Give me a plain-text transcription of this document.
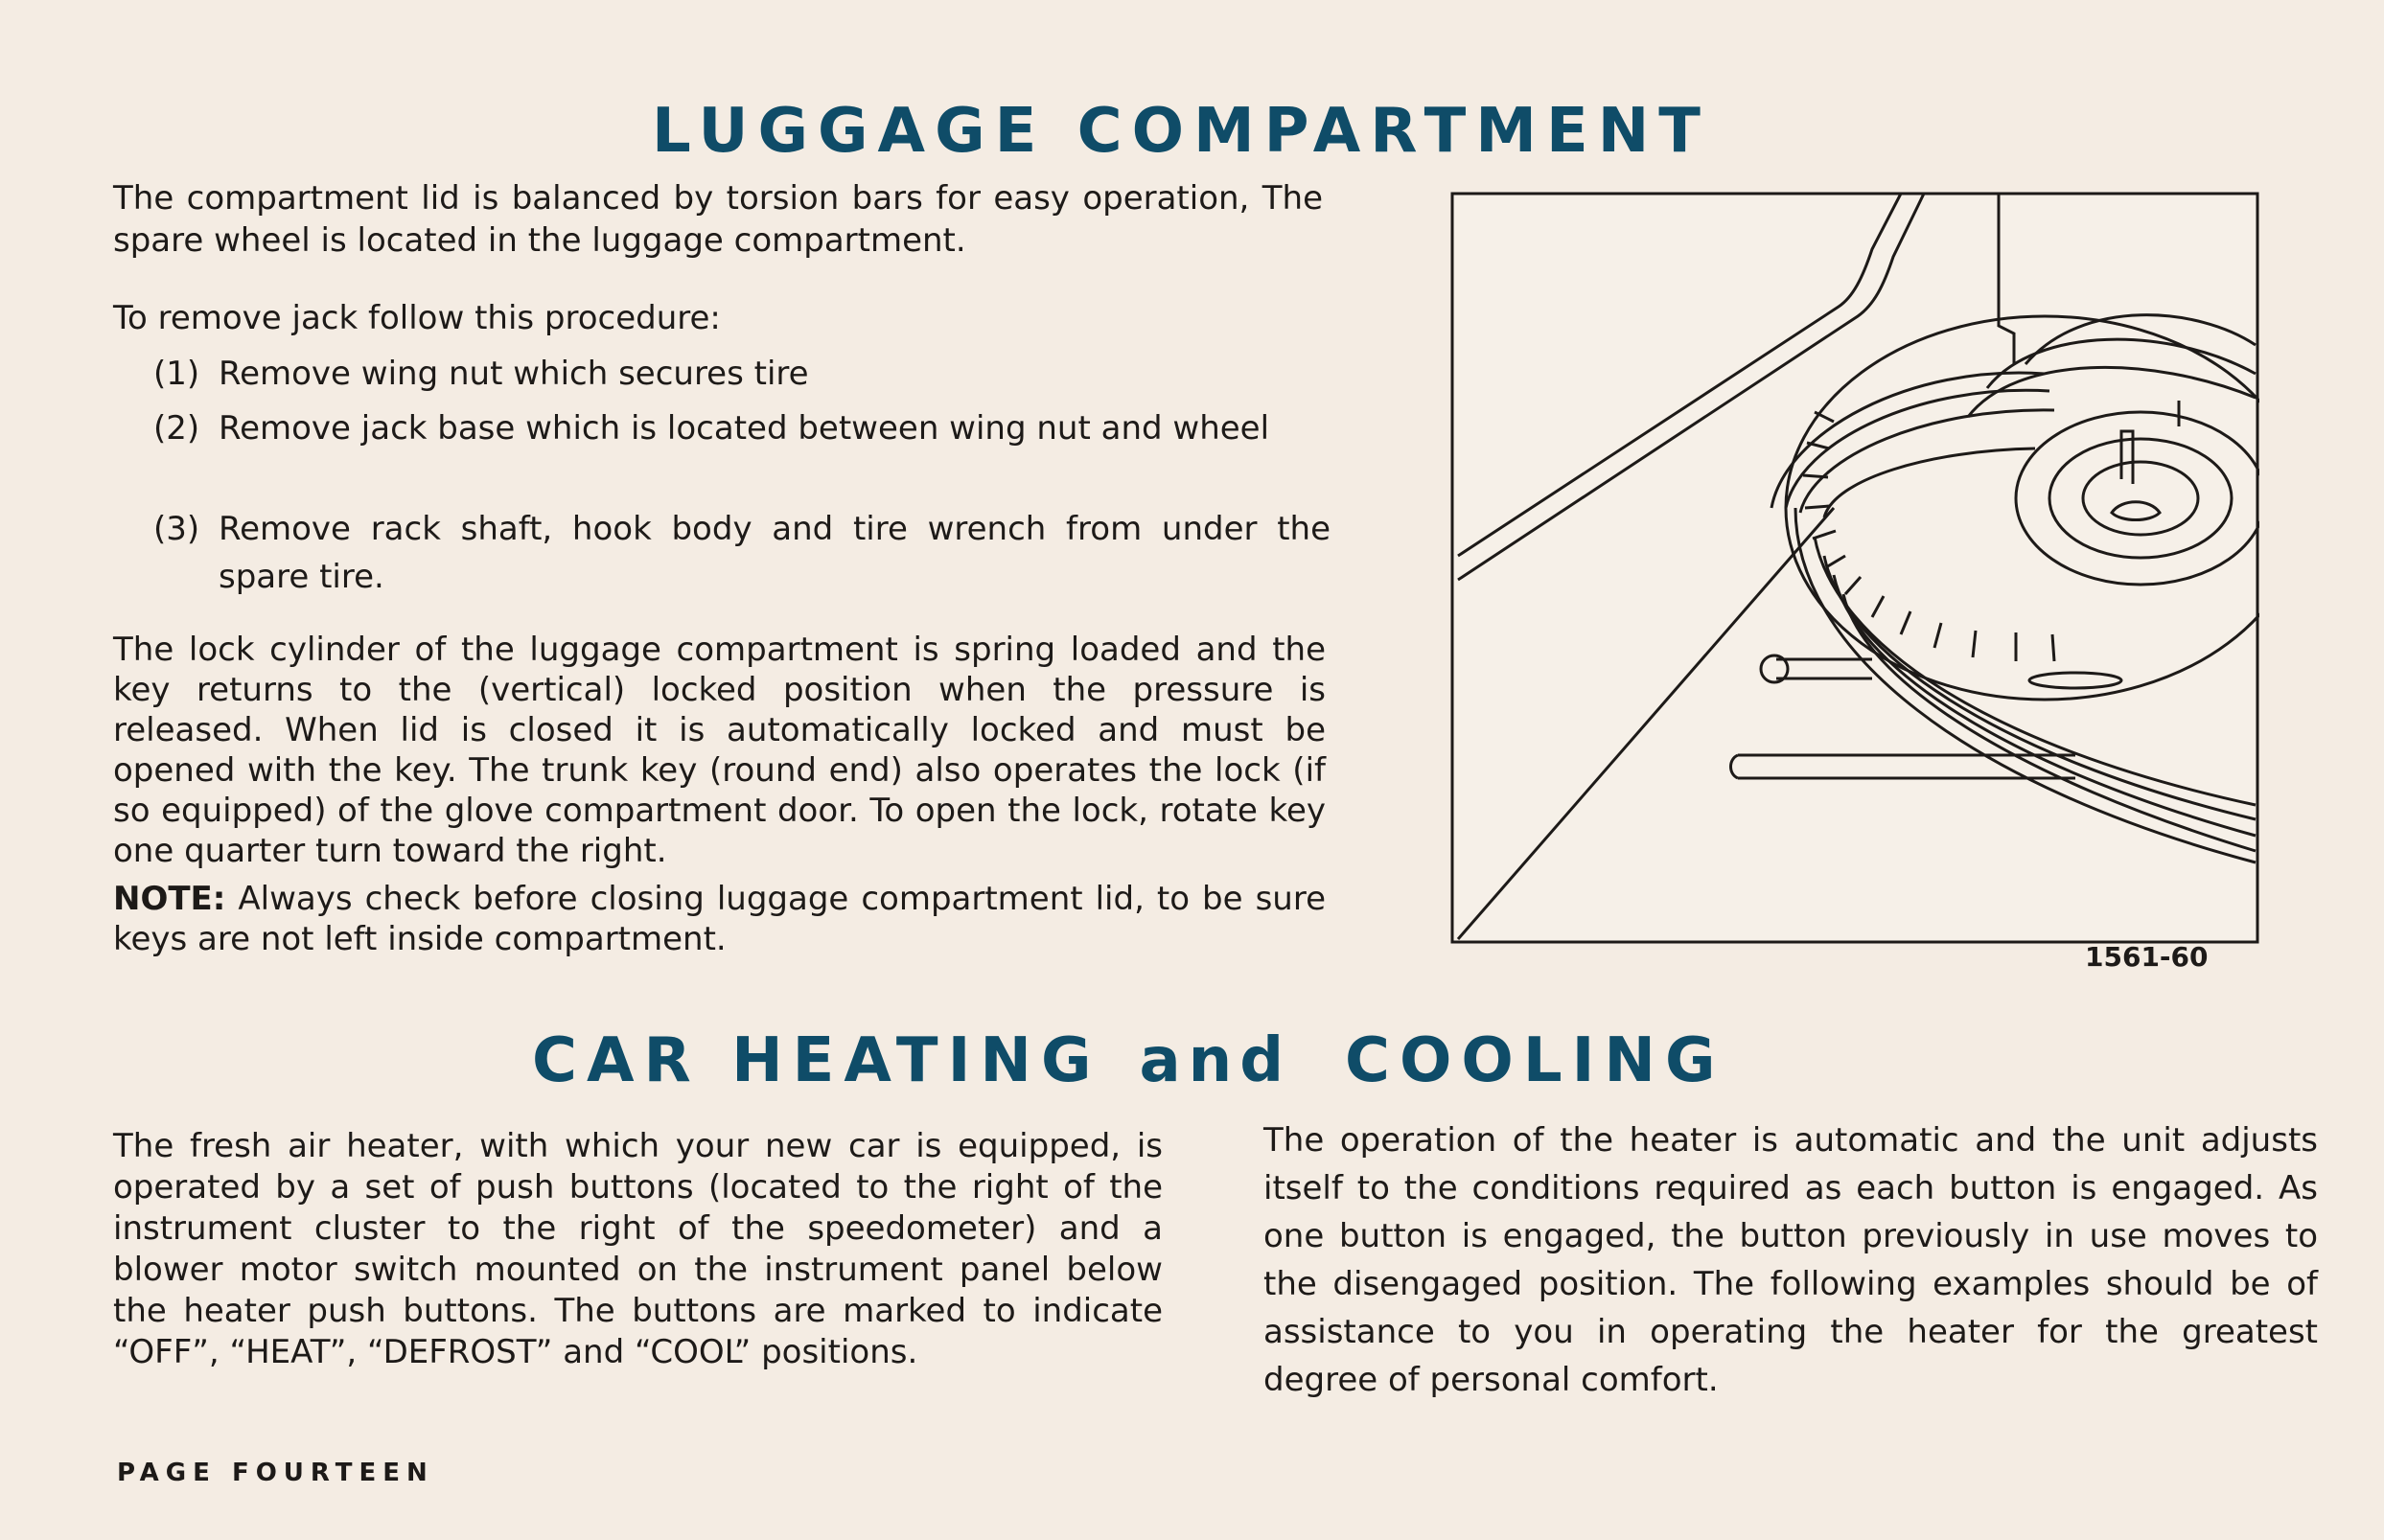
LUGGAGE COMPARTMENT

The compartment lid is balanced by torsion bars for easy operation, The spare wheel is located in the luggage compartment.

To remove jack follow this procedure:

(1) Remove wing nut which secures tire
(2) Remove jack base which is located between wing nut and wheel
(3) Remove rack shaft, hook body and tire wrench from under the spare tire.

The lock cylinder of the luggage compartment is spring loaded and the key returns to the (vertical) locked position when the pressure is released. When lid is closed it is automatically locked and must be opened with the key. The trunk key (round end) also operates the lock (if so equipped) of the glove compartment door. To open the lock, rotate key one quarter turn toward the right.

NOTE: Always check before closing luggage compartment lid, to be sure keys are not left inside compartment.	1561-60

CAR HEATING and COOLING

The fresh air heater, with which your new car is equipped, is operated by a set of push buttons (located to the right of the instrument cluster to the right of the speedometer) and a blower motor switch mounted on the instrument panel below the heater push buttons. The buttons are marked to indicate “OFF”, “HEAT”, “DEFROST” and “COOL” positions.

The operation of the heater is automatic and the unit adjusts itself to the conditions required as each button is engaged. As one button is engaged, the button previously in use moves to the disengaged position. The following examples should be of assistance to you in operating the heater for the greatest degree of personal comfort.

PAGE FOURTEEN
